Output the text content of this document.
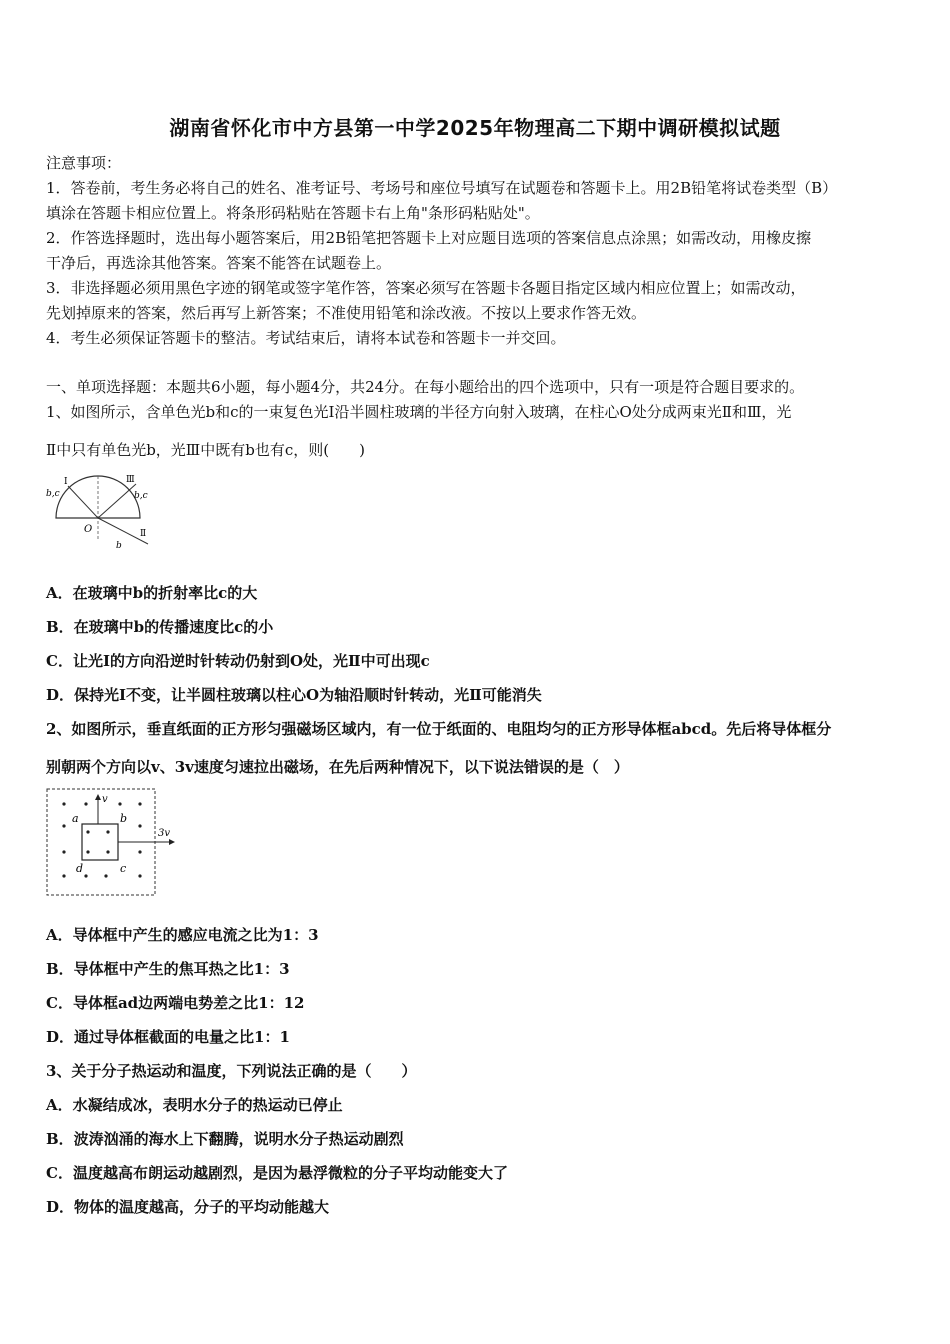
湖南省怀化市中方县第一中学2025年物理高二下期中调研模拟试题
注意事项：
1．答卷前，考生务必将自己的姓名、准考证号、考场号和座位号填写在试题卷和答题卡上。用2B铅笔将试卷类型（B）
填涂在答题卡相应位置上。将条形码粘贴在答题卡右上角"条形码粘贴处"。
2．作答选择题时，选出每小题答案后，用2B铅笔把答题卡上对应题目选项的答案信息点涂黑；如需改动，用橡皮擦
干净后，再选涂其他答案。答案不能答在试题卷上。
3．非选择题必须用黑色字迹的钢笔或签字笔作答，答案必须写在答题卡各题目指定区域内相应位置上；如需改动，
先划掉原来的答案，然后再写上新答案；不准使用铅笔和涂改液。不按以上要求作答无效。
4．考生必须保证答题卡的整洁。考试结束后，请将本试卷和答题卡一并交回。
一、单项选择题：本题共6小题，每小题4分，共24分。在每小题给出的四个选项中，只有一项是符合题目要求的。
1、如图所示，含单色光b和c的一束复色光Ⅰ沿半圆柱玻璃的半径方向射入玻璃，在柱心O处分成两束光Ⅱ和Ⅲ，光
Ⅱ中只有单色光b，光Ⅲ中既有b也有c，则(　　)
Ⅰ
b,c
Ⅲ
b,c
O	Ⅱ
b
A．在玻璃中b的折射率比c的大
B．在玻璃中b的传播速度比c的小
C．让光Ⅰ的方向沿逆时针转动仍射到O处，光Ⅱ中可出现c
D．保持光Ⅰ不变，让半圆柱玻璃以柱心O为轴沿顺时针转动，光Ⅱ可能消失
2、如图所示，垂直纸面的正方形匀强磁场区域内，有一位于纸面的、电阻均匀的正方形导体框abcd。先后将导体框分
别朝两个方向以v、3v速度匀速拉出磁场，在先后两种情况下，以下说法错误的是（　）
v
3v
a	b
c
d
A．导体框中产生的感应电流之比为1：3
B．导体框中产生的焦耳热之比1：3
C．导体框ad边两端电势差之比1：12
D．通过导体框截面的电量之比1：1
3、关于分子热运动和温度，下列说法正确的是（　　）
A．水凝结成冰，表明水分子的热运动已停止
B．波涛汹涌的海水上下翻腾，说明水分子热运动剧烈
C．温度越高布朗运动越剧烈，是因为悬浮微粒的分子平均动能变大了
D．物体的温度越高，分子的平均动能越大
